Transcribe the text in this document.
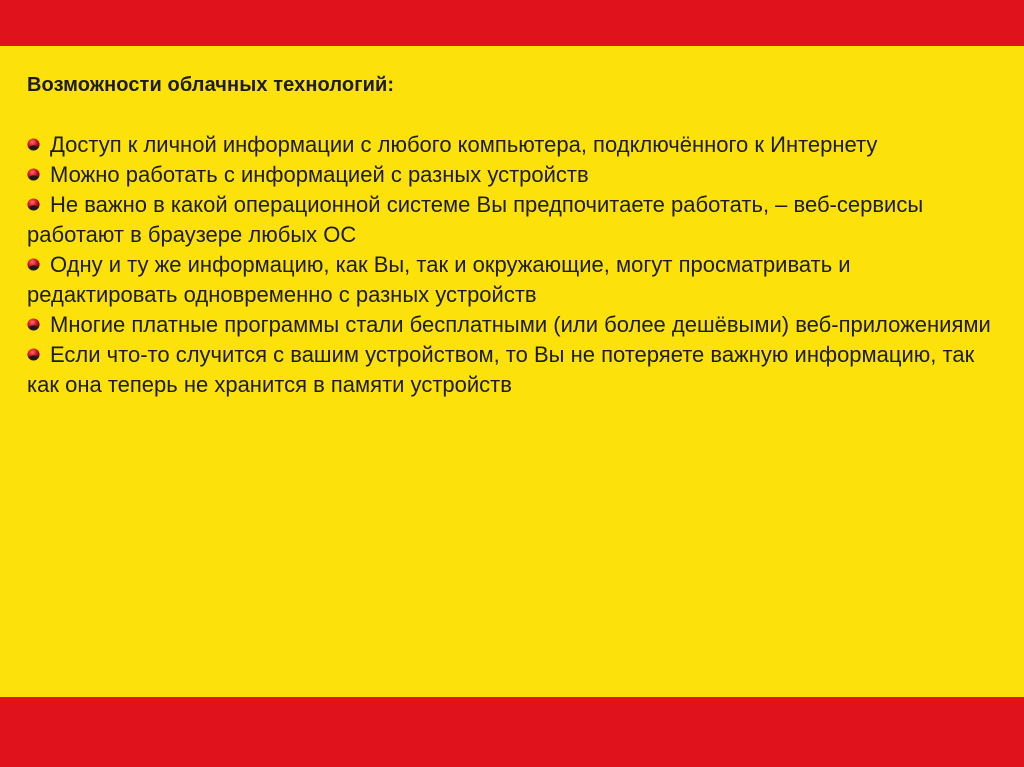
Возможности облачных технологий:
Доступ к личной информации с любого компьютера, подключённого к Интернету
Можно работать с информацией с разных устройств
Не важно в какой операционной системе Вы предпочитаете работать, – веб-сервисы работают в браузере любых ОС
Одну и ту же информацию, как Вы, так и окружающие, могут просматривать и редактировать одновременно с разных устройств
Многие платные программы стали бесплатными (или более дешёвыми) веб-приложениями
Если что-то случится с вашим устройством, то Вы не потеряете важную информацию, так как она теперь не хранится в памяти устройств
